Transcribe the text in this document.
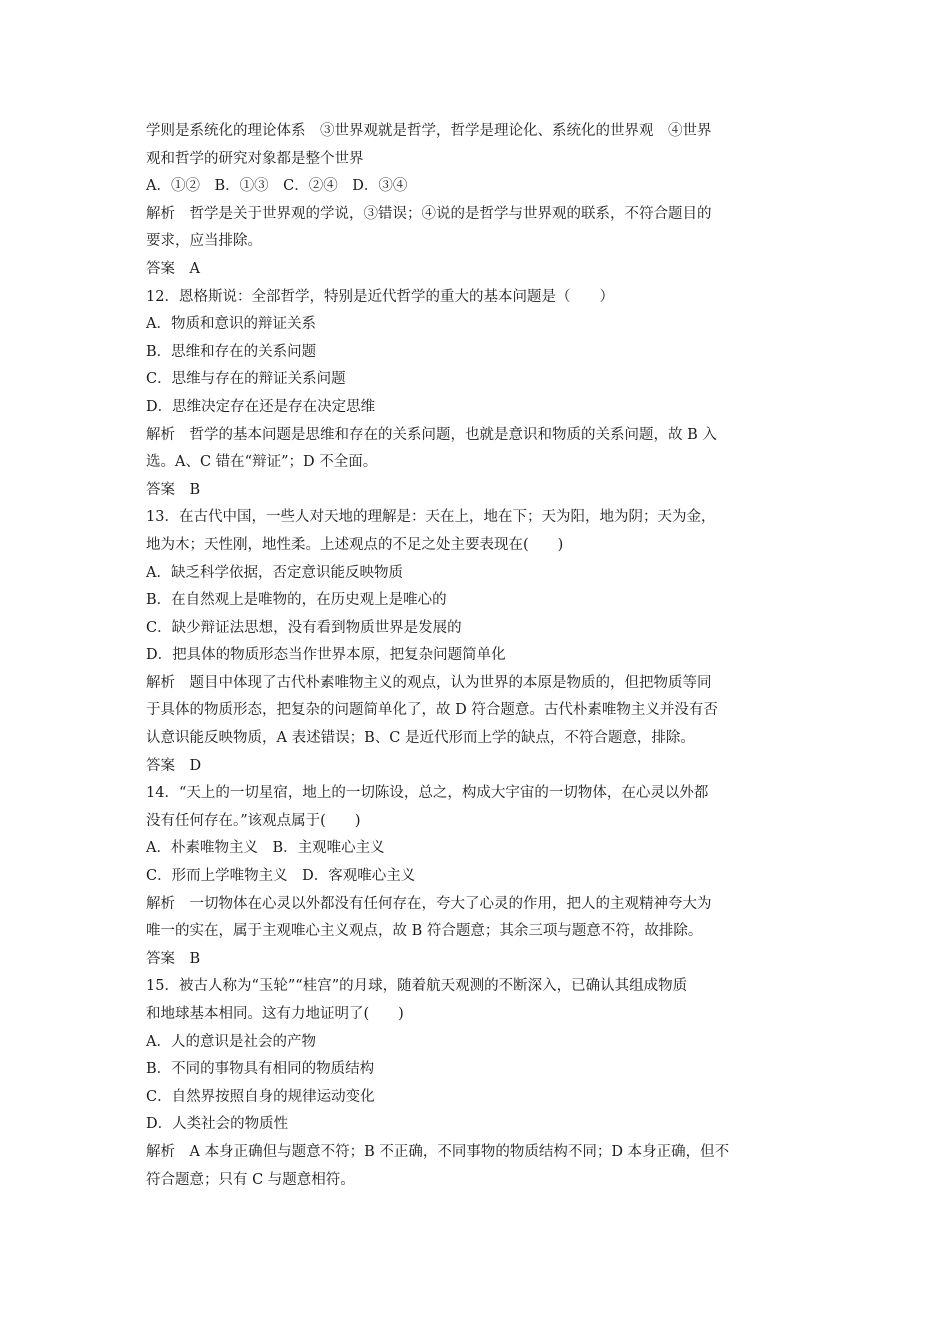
学则是系统化的理论体系　③世界观就是哲学，哲学是理论化、系统化的世界观　④世界
观和哲学的研究对象都是整个世界
A．①②　B．①③　C．②④　D．③④
解析　哲学是关于世界观的学说，③错误；④说的是哲学与世界观的联系，不符合题目的
要求，应当排除。
答案　A
12．恩格斯说：全部哲学，特别是近代哲学的重大的基本问题是（　　）
A．物质和意识的辩证关系
B．思维和存在的关系问题
C．思维与存在的辩证关系问题
D．思维决定存在还是存在决定思维
解析　哲学的基本问题是思维和存在的关系问题，也就是意识和物质的关系问题，故 B 入
选。A、C 错在“辩证”；D 不全面。
答案　B
13．在古代中国，一些人对天地的理解是：天在上，地在下；天为阳，地为阴；天为金，
地为木；天性刚，地性柔。上述观点的不足之处主要表现在(　　)
A．缺乏科学依据，否定意识能反映物质
B．在自然观上是唯物的，在历史观上是唯心的
C．缺少辩证法思想，没有看到物质世界是发展的
D．把具体的物质形态当作世界本原，把复杂问题简单化
解析　题目中体现了古代朴素唯物主义的观点，认为世界的本原是物质的，但把物质等同
于具体的物质形态，把复杂的问题简单化了，故 D 符合题意。古代朴素唯物主义并没有否
认意识能反映物质，A 表述错误；B、C 是近代形而上学的缺点，不符合题意，排除。
答案　D
14．“天上的一切星宿，地上的一切陈设，总之，构成大宇宙的一切物体，在心灵以外都
没有任何存在。”该观点属于(　　)
A．朴素唯物主义　B．主观唯心主义
C．形而上学唯物主义　D．客观唯心主义
解析　一切物体在心灵以外都没有任何存在，夸大了心灵的作用，把人的主观精神夸大为
唯一的实在，属于主观唯心主义观点，故 B 符合题意；其余三项与题意不符，故排除。
答案　B
15．被古人称为“玉轮”“桂宫”的月球，随着航天观测的不断深入，已确认其组成物质
和地球基本相同。这有力地证明了(　　)
A．人的意识是社会的产物
B．不同的事物具有相同的物质结构
C．自然界按照自身的规律运动变化
D．人类社会的物质性
解析　A 本身正确但与题意不符；B 不正确，不同事物的物质结构不同；D 本身正确，但不
符合题意；只有 C 与题意相符。
